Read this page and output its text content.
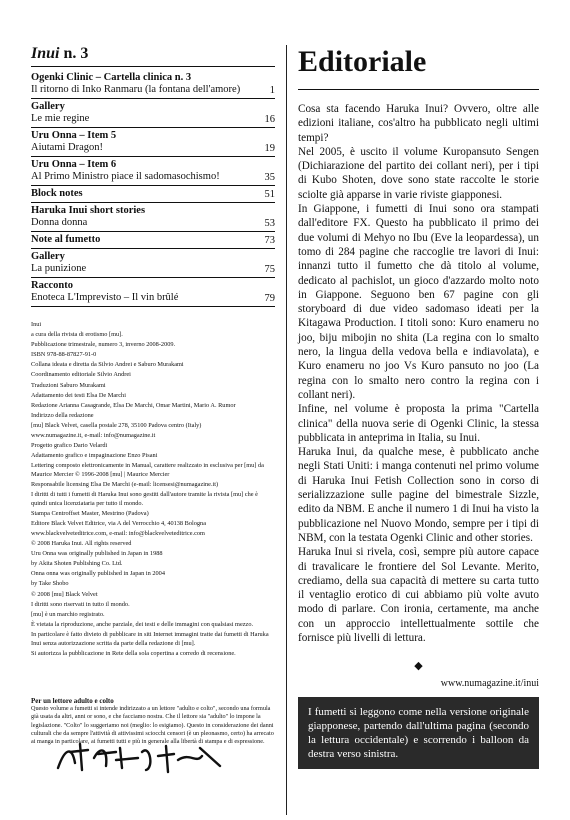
Inui n. 3
Ogenki Clinic – Cartella clinica n. 3
Il ritorno di Inko Ranmaru (la fontana dell'amore)	1
Gallery
Le mie regine	16
Uru Onna – Item 5
Aiutami Dragon!	19
Uru Onna – Item 6
Al Primo Ministro piace il sadomasochismo!	35
Block notes	51
Haruka Inui short stories
Donna donna	53
Note al fumetto	73
Gallery
La punizione	75
Racconto
Enoteca L'Imprevisto – Il vin brûlé	79

Inui

a cura della rivista di erotismo [mu].

Pubblicazione trimestrale, numero 3, inverno 2008-2009.

ISBN 978-88-87827-91-0

Collana ideata e diretta da Silvio Andrei e Saburo Murakami

Coordinamento editoriale Silvio Andrei

Traduzioni Saburo Murakami

Adattamento dei testi Elsa De Marchi

Redazione Arianna Casagrande, Elsa De Marchi, Omar Martini, Mario A. Rumor

Indirizzo della redazione

[mu] Black Velvet, casella postale 278, 35100 Padova centro (Italy)

www.numagazine.it, e-mail: info@numagazine.it

Progetto grafico Dario Velardi

Adattamento grafico e impaginazione Enzo Pisani

Lettering composto elettronicamente in Manual, carattere realizzato in esclusiva per [mu] da Maurice Mercier © 1996-2008 [mu] | Maurice Mercier

Responsabile licensing Elsa De Marchi (e-mail: licensesi@numagazine.it)

I diritti di tutti i fumetti di Haruka Inui sono gestiti dall'autore tramite la rivista [mu] che è quindi unica licenziataria per tutto il mondo.

Stampa Centroffset Master, Mestrino (Padova)

Editore Black Velvet Editrice, via A del Verrocchio 4, 40138 Bologna

www.blackvelveteditrice.com, e-mail: info@blackvelveteditrice.com

© 2008 Haruka Inui. All rights reserved

Uru Onna was originally published in Japan in 1988

by Akita Shoten Publishing Co. Ltd.

Onna onna was originally published in Japan in 2004

by Take Shobo

© 2008 [mu] Black Velvet

I diritti sono riservati in tutto il mondo.

[mu] è un marchio registrato.

È vietata la riproduzione, anche parziale, dei testi e delle immagini con qualsiasi mezzo.

In particolare è fatto divieto di pubblicare in siti Internet immagini tratte dai fumetti di Haruka Inui senza autorizzazione scritta da parte della redazione di [mu].

Si autorizza la pubblicazione in Rete della sola copertina a corredo di recensione.

Per un lettore adulto e colto
Questo volume a fumetti si intende indirizzato a un lettore "adulto e colto", secondo una formula già usata da altri, anni or sono, e che facciamo nostra. Che il lettore sia "adulto" lo impone la legislazione. "Colto" lo suggeriamo noi (meglio: lo esigiamo). Questo in considerazione dei danni culturali che da sempre l'attività di attivissimi sciocchi censori (è un pleonasmo, certo) ha arrecato ai manga in particolare, ai fumetti tutti e più in generale alla libertà di stampa e di espressione.
Editoriale

Cosa sta facendo Haruka Inui? Ovvero, oltre alle edizioni italiane, cos'altro ha pubblicato negli ultimi tempi?

Nel 2005, è uscito il volume Kuropansuto Sengen (Dichiarazione del partito dei collant neri), per i tipi di Kubo Shoten, dove sono state raccolte le storie sciolte già apparse in varie riviste giapponesi.

In Giappone, i fumetti di Inui sono ora stampati dall'editore FX. Questo ha pubblicato il primo dei due volumi di Mehyo no Ibu (Eve la leopardessa), un tomo di 284 pagine che raccoglie tre lavori di Inui: innanzi tutto il fumetto che dà titolo al volume, dedicato al pachislot, un gioco d'azzardo molto noto in Giappone. Seguono ben 67 pagine con gli storyboard di due video sadomaso ideati per la Kitagawa Production. I titoli sono: Kuro enameru no joo, biju mibojin no shita (La regina con lo smalto nero, la lingua della vedova bella e indiavolata), e Kuro enameru no joo Vs Kuro pansuto no joo (La regina con lo smalto nero contro la regina con i collant neri).

Infine, nel volume è proposta la prima "Cartella clinica" della nuova serie di Ogenki Clinic, la stessa pubblicata in anteprima in Italia, su Inui.

Haruka Inui, da qualche mese, è pubblicato anche negli Stati Uniti: i manga contenuti nel primo volume di Haruka Inui Fetish Collection sono in corso di serializzazione sulle pagine del bimestrale Sizzle, edito da NBM. E anche il numero 1 di Inui ha visto la pubblicazione nel Nuovo Mondo, sempre per i tipi di NBM, con la testata Ogenki Clinic and other stories.

Haruka Inui si rivela, così, sempre più autore capace di travalicare le frontiere del Sol Levante. Merito, crediamo, della sua capacità di mettere su carta tutto il ventaglio erotico di cui abbiamo più volte avuto modo di parlare. Con ironia, certamente, ma anche con un approccio intellettualmente sottile che fornisce più livelli di lettura.

◆
www.numagazine.it/inui
I fumetti si leggono come nella versione originale giapponese, partendo dall'ultima pagina (secondo la lettura occidentale) e scorrendo i balloon da destra verso sinistra.
